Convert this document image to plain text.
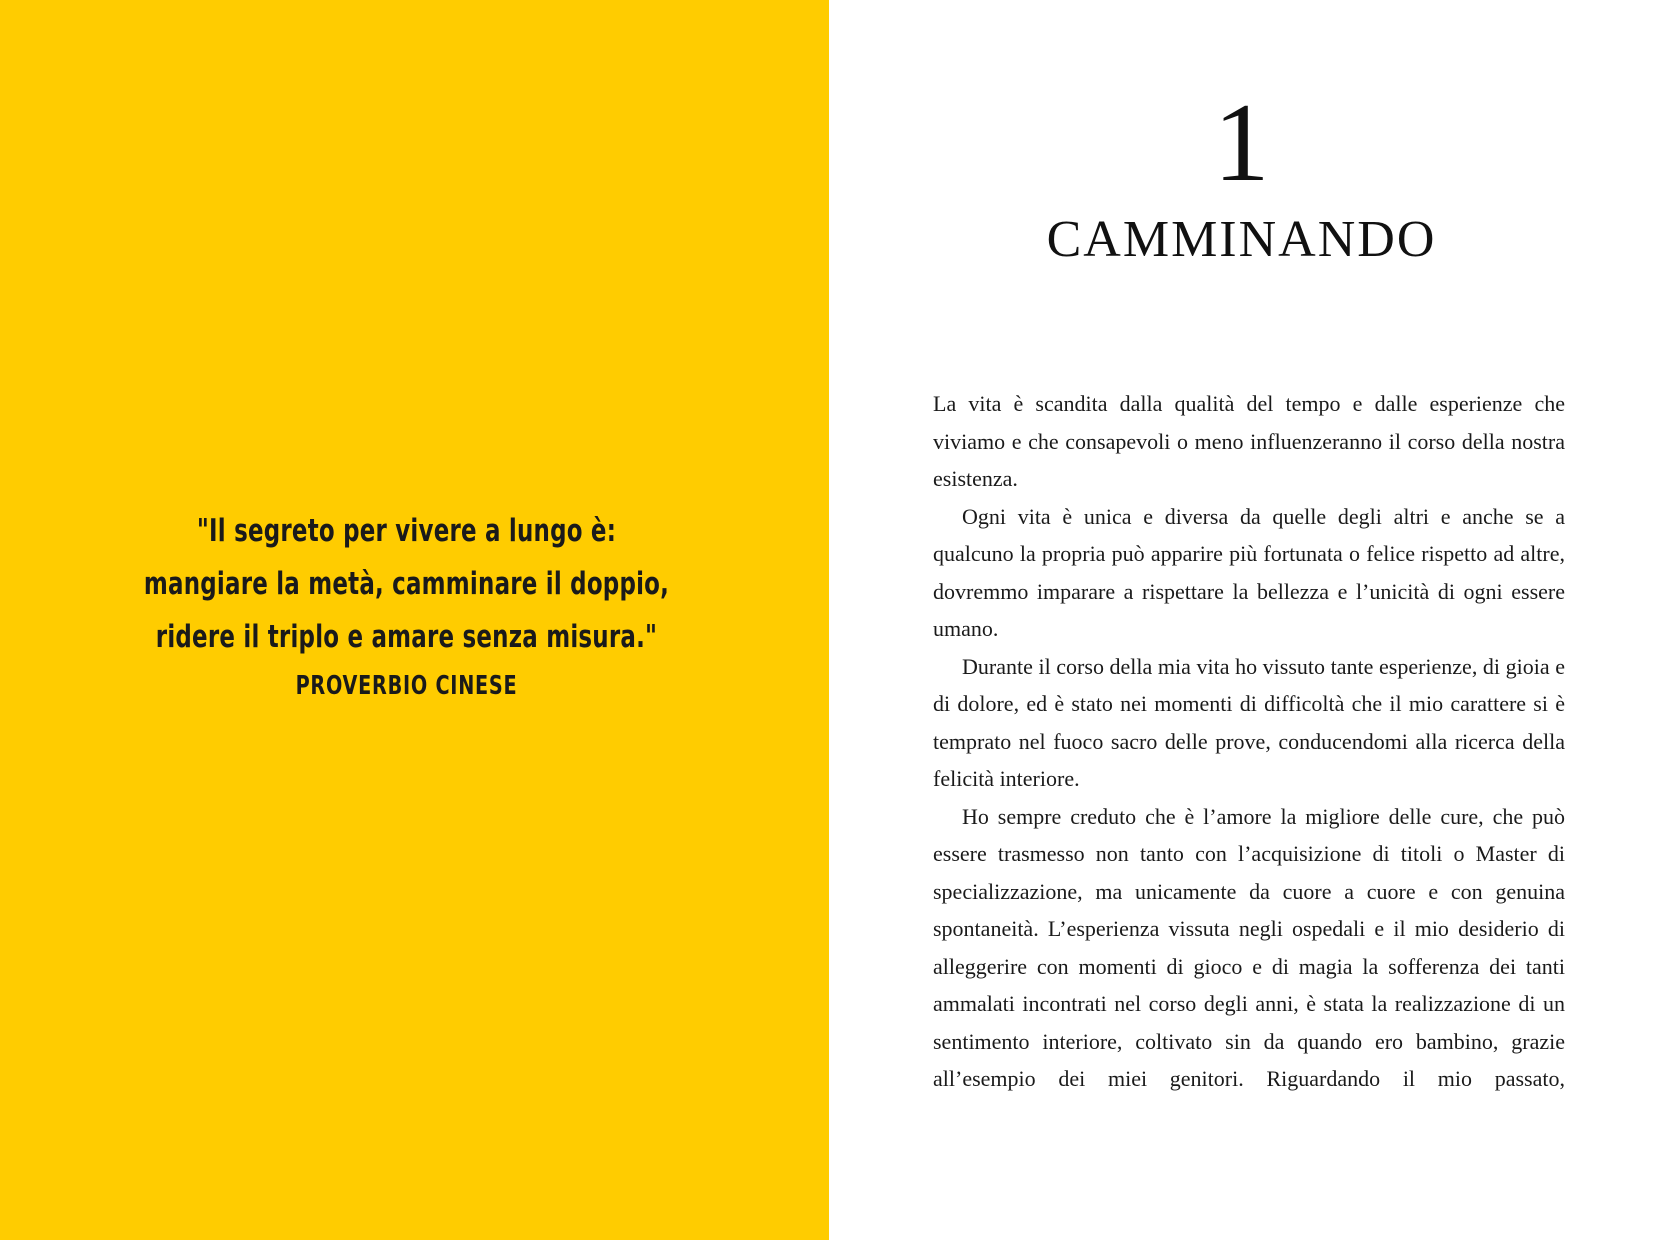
"Il segreto per vivere a lungo è:
mangiare la metà, camminare il doppio,
ridere il triplo e amare senza misura."
PROVERBIO CINESE
1
CAMMINANDO

La vita è scandita dalla qualità del tempo e dalle esperienze che viviamo e che consapevoli o meno influenzeranno il corso della nostra esistenza.

Ogni vita è unica e diversa da quelle degli altri e anche se a qualcuno la propria può apparire più fortunata o felice rispetto ad altre, dovremmo imparare a rispettare la bellezza e l’unicità di ogni essere umano.

Durante il corso della mia vita ho vissuto tante esperienze, di gioia e di dolore, ed è stato nei momenti di difficoltà che il mio carattere si è temprato nel fuoco sacro delle prove, conducendomi alla ricerca della felicità interiore.

Ho sempre creduto che è l’amore la migliore delle cure, che può essere trasmesso non tanto con l’acquisizione di titoli o Master di specializzazione, ma unicamente da cuore a cuore e con genuina spontaneità. L’esperienza vissuta negli ospedali e il mio desiderio di alleggerire con momenti di gioco e di magia la sofferenza dei tanti ammalati incontrati nel corso degli anni, è stata la realizzazione di un sentimento interiore, coltivato sin da quando ero bambino, grazie all’esempio dei miei genitori. Riguardando il mio passato,
